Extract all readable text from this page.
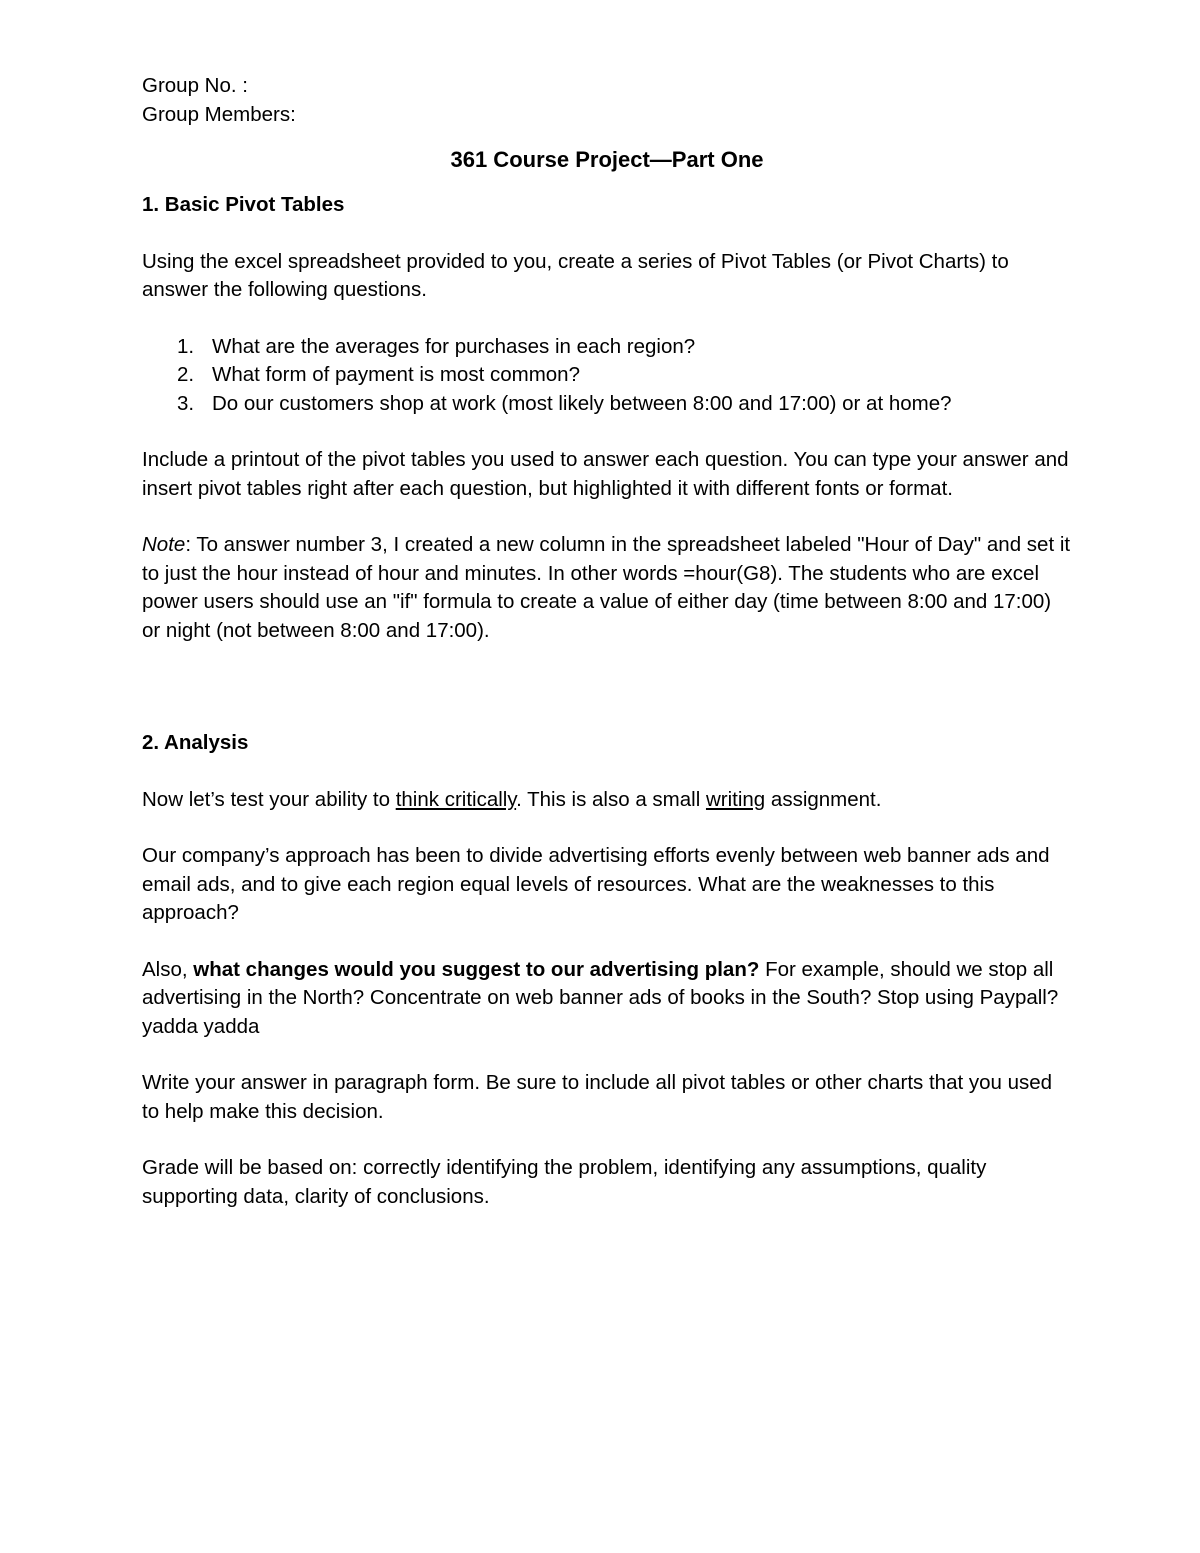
Group No. :

Group Members:

361 Course Project—Part One

1. Basic Pivot Tables

Using the excel spreadsheet provided to you, create a series of Pivot Tables (or Pivot Charts) to answer the following questions.

1. What are the averages for purchases in each region?
2. What form of payment is most common?
3. Do our customers shop at work (most likely between 8:00 and 17:00) or at home?

Include a printout of the pivot tables you used to answer each question. You can type your answer and insert pivot tables right after each question, but highlighted it with different fonts or format.

Note: To answer number 3, I created a new column in the spreadsheet labeled "Hour of Day" and set it to just the hour instead of hour and minutes. In other words =hour(G8). The students who are excel power users should use an "if" formula to create a value of either day (time between 8:00 and 17:00) or night (not between 8:00 and 17:00).

2. Analysis

Now let’s test your ability to think critically. This is also a small writing assignment.

Our company’s approach has been to divide advertising efforts evenly between web banner ads and email ads, and to give each region equal levels of resources. What are the weaknesses to this approach?

Also, what changes would you suggest to our advertising plan? For example, should we stop all advertising in the North? Concentrate on web banner ads of books in the South? Stop using Paypall? yadda yadda

Write your answer in paragraph form. Be sure to include all pivot tables or other charts that you used to help make this decision.

Grade will be based on: correctly identifying the problem, identifying any assumptions, quality supporting data, clarity of conclusions.
